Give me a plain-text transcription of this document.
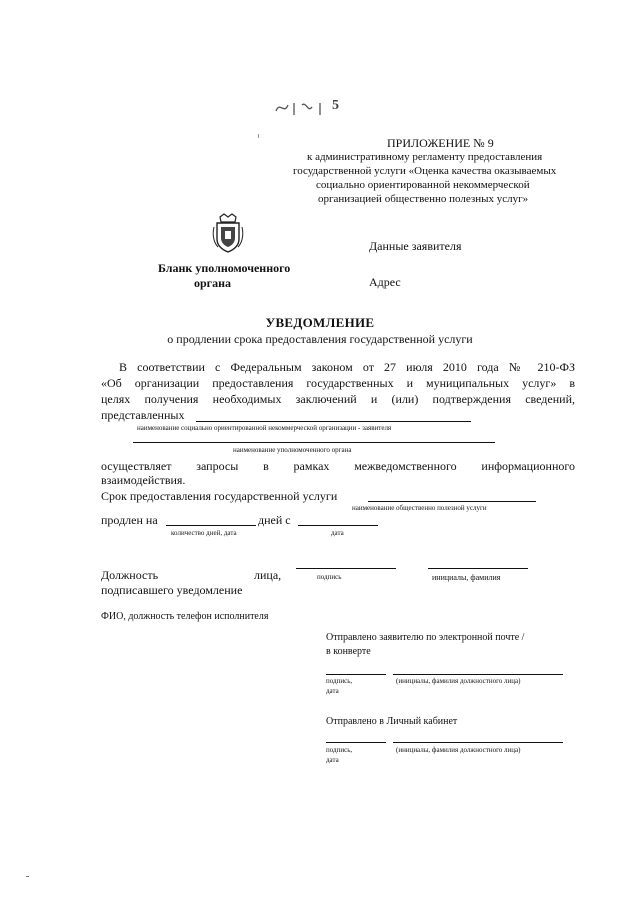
5
ПРИЛОЖЕНИЕ № 9
к административному регламенту предоставления
государственной услуги «Оценка качества оказываемых
социально ориентированной некоммерческой
организацией общественно полезных услуг»
Данные заявителя
Адрес
Бланк уполномоченного
органа
УВЕДОМЛЕНИЕ
о продлении срока предоставления государственной услуги
В соответствии с Федеральным законом от 27 июля 2010 года № 210-ФЗ
«Об организации предоставления государственных и муниципальных услуг» в
целях получения необходимых заключений и (или) подтверждения сведений,
представленных
наименование социально ориентированной некоммерческой организации - заявителя
наименование уполномоченного органа
осуществляет запросы в рамках межведомственного информационного
взаимодействия.
Срок предоставления государственной услуги
наименование общественно полезной услуги
продлен на	дней с
количество дней, дата	дата
Должность	лица,	подпись	инициалы, фамилия
подписавшего уведомление
ФИО, должность телефон исполнителя
Отправлено заявителю по электронной почте /
в конверте
подпись,	(инициалы, фамилия должностного лица)
дата
Отправлено в Личный кабинет
подпись,	(инициалы, фамилия должностного лица)
дата
